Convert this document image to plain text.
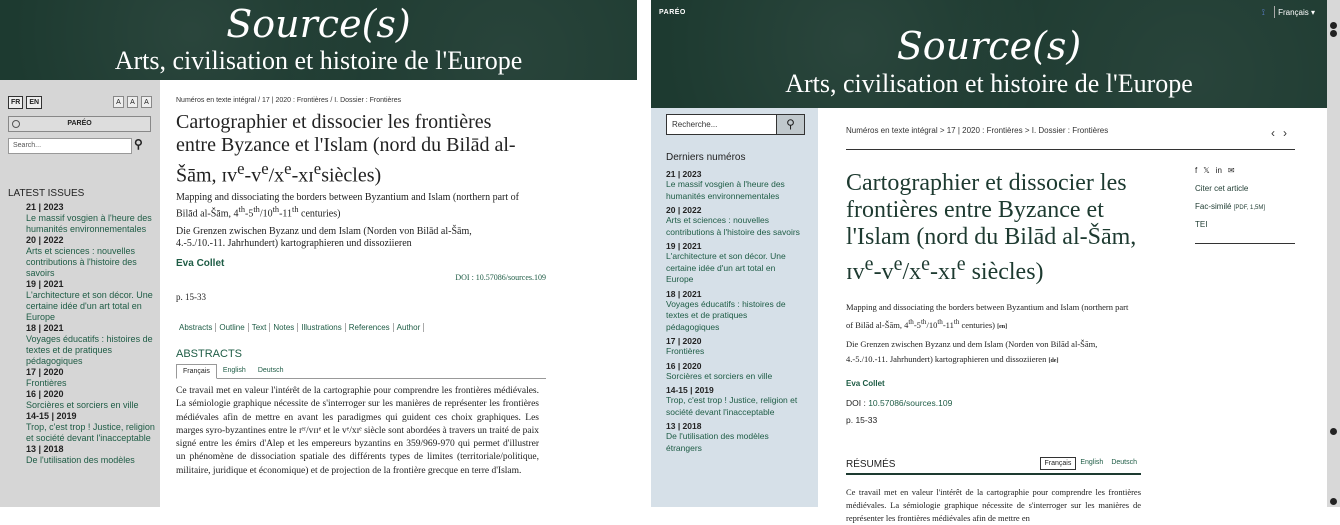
Source(s)
Arts, civilisation et histoire de l'Europe
FR	EN	A	A	A
PARÉO
Search...	⚲
LATEST ISSUES
21 | 2023
Le massif vosgien à l'heure des humanités environnementales
20 | 2022
Arts et sciences : nouvelles contributions à l'histoire des savoirs
19 | 2021
L'architecture et son décor. Une certaine idée d'un art total en Europe
18 | 2021
Voyages éducatifs : histoires de textes et de pratiques pédagogiques
17 | 2020
Frontières
16 | 2020
Sorcières et sorciers en ville
14-15 | 2019
Trop, c'est trop ! Justice, religion et société devant l'inacceptable
13 | 2018
De l'utilisation des modèles
Numéros en texte intégral / 17 | 2020 : Frontières / I. Dossier : Frontières
Cartographier et dissocier les frontières
entre Byzance et l'Islam (nord du Bilād al-
Šām, $ɪv^e-v^e/x^e-xɪ^esiècles$)
Mapping and dissociating the borders between Byzantium and Islam (northern part of
Bilād al-Šām, 4th-5th/10th-11th centuries)
Die Grenzen zwischen Byzanz und dem Islam (Norden von Bilād al-Šām,
4.-5./10.-11. Jahrhundert) kartographieren und dissoziieren
Eva Collet
DOI : 10.57086/sources.109
p. 15-33
Abstracts Outline Text Notes Illustrations References Author
ABSTRACTS
Français	English	Deutsch
Ce travail met en valeur l'intérêt de la cartographie pour comprendre les frontières médiévales. La sémiologie graphique nécessite de s'interroger sur les manières de représenter les frontières médiévales afin de mettre en avant les paradigmes qui guident ces choix graphiques. Les marges syro-byzantines entre le ɪᵉʳ/vɪɪᵉ et le vᵉ/xɪᵉ siècle sont abordées à travers un traité de paix signé entre les émirs d'Alep et les empereurs byzantins en 359/969-970 qui permet d'illustrer un phénomène de dissociation spatiale des différents types de limites (territoriale/politique, militaire, juridique et économique) et de projection de la frontière grecque en terre d'Islam.
PARÉO	⟟ Français ▾
Source(s)
Arts, civilisation et histoire de l'Europe
Recherche...	⚲
Derniers numéros
21 | 2023
Le massif vosgien à l'heure des humanités environnementales
20 | 2022
Arts et sciences : nouvelles contributions à l'histoire des savoirs
19 | 2021
L'architecture et son décor. Une certaine idée d'un art total en Europe
18 | 2021
Voyages éducatifs : histoires de textes et de pratiques pédagogiques
17 | 2020
Frontières
16 | 2020
Sorcières et sorciers en ville
14-15 | 2019
Trop, c'est trop ! Justice, religion et société devant l'inacceptable
13 | 2018
De l'utilisation des modèles étrangers
Numéros en texte intégral > 17 | 2020 : Frontières > I. Dossier : Frontières	‹›
Cartographier et dissocier les
frontières entre Byzance et
l'Islam (nord du Bilād al-Šām,
$ɪv^e-v^e/x^e-xɪ^e$ siècles)
Mapping and dissociating the borders between Byzantium and Islam (northern part
of Bilād al-Šām, 4th-5th/10th-11th centuries) [en]
Die Grenzen zwischen Byzanz und dem Islam (Norden von Bilād al-Šām,
4.-5./10.-11. Jahrhundert) kartographieren und dissoziieren [de]
Eva Collet
DOI : 10.57086/sources.109
p. 15-33
RÉSUMÉS	Français	English	Deutsch
Ce travail met en valeur l'intérêt de la cartographie pour comprendre les frontières médiévales. La sémiologie graphique nécessite de s'interroger sur les manières de représenter les frontières médiévales afin de mettre en
f 𝕏 in ✉
Citer cet article
Fac-similé [PDF, 1,5M]
TEI
